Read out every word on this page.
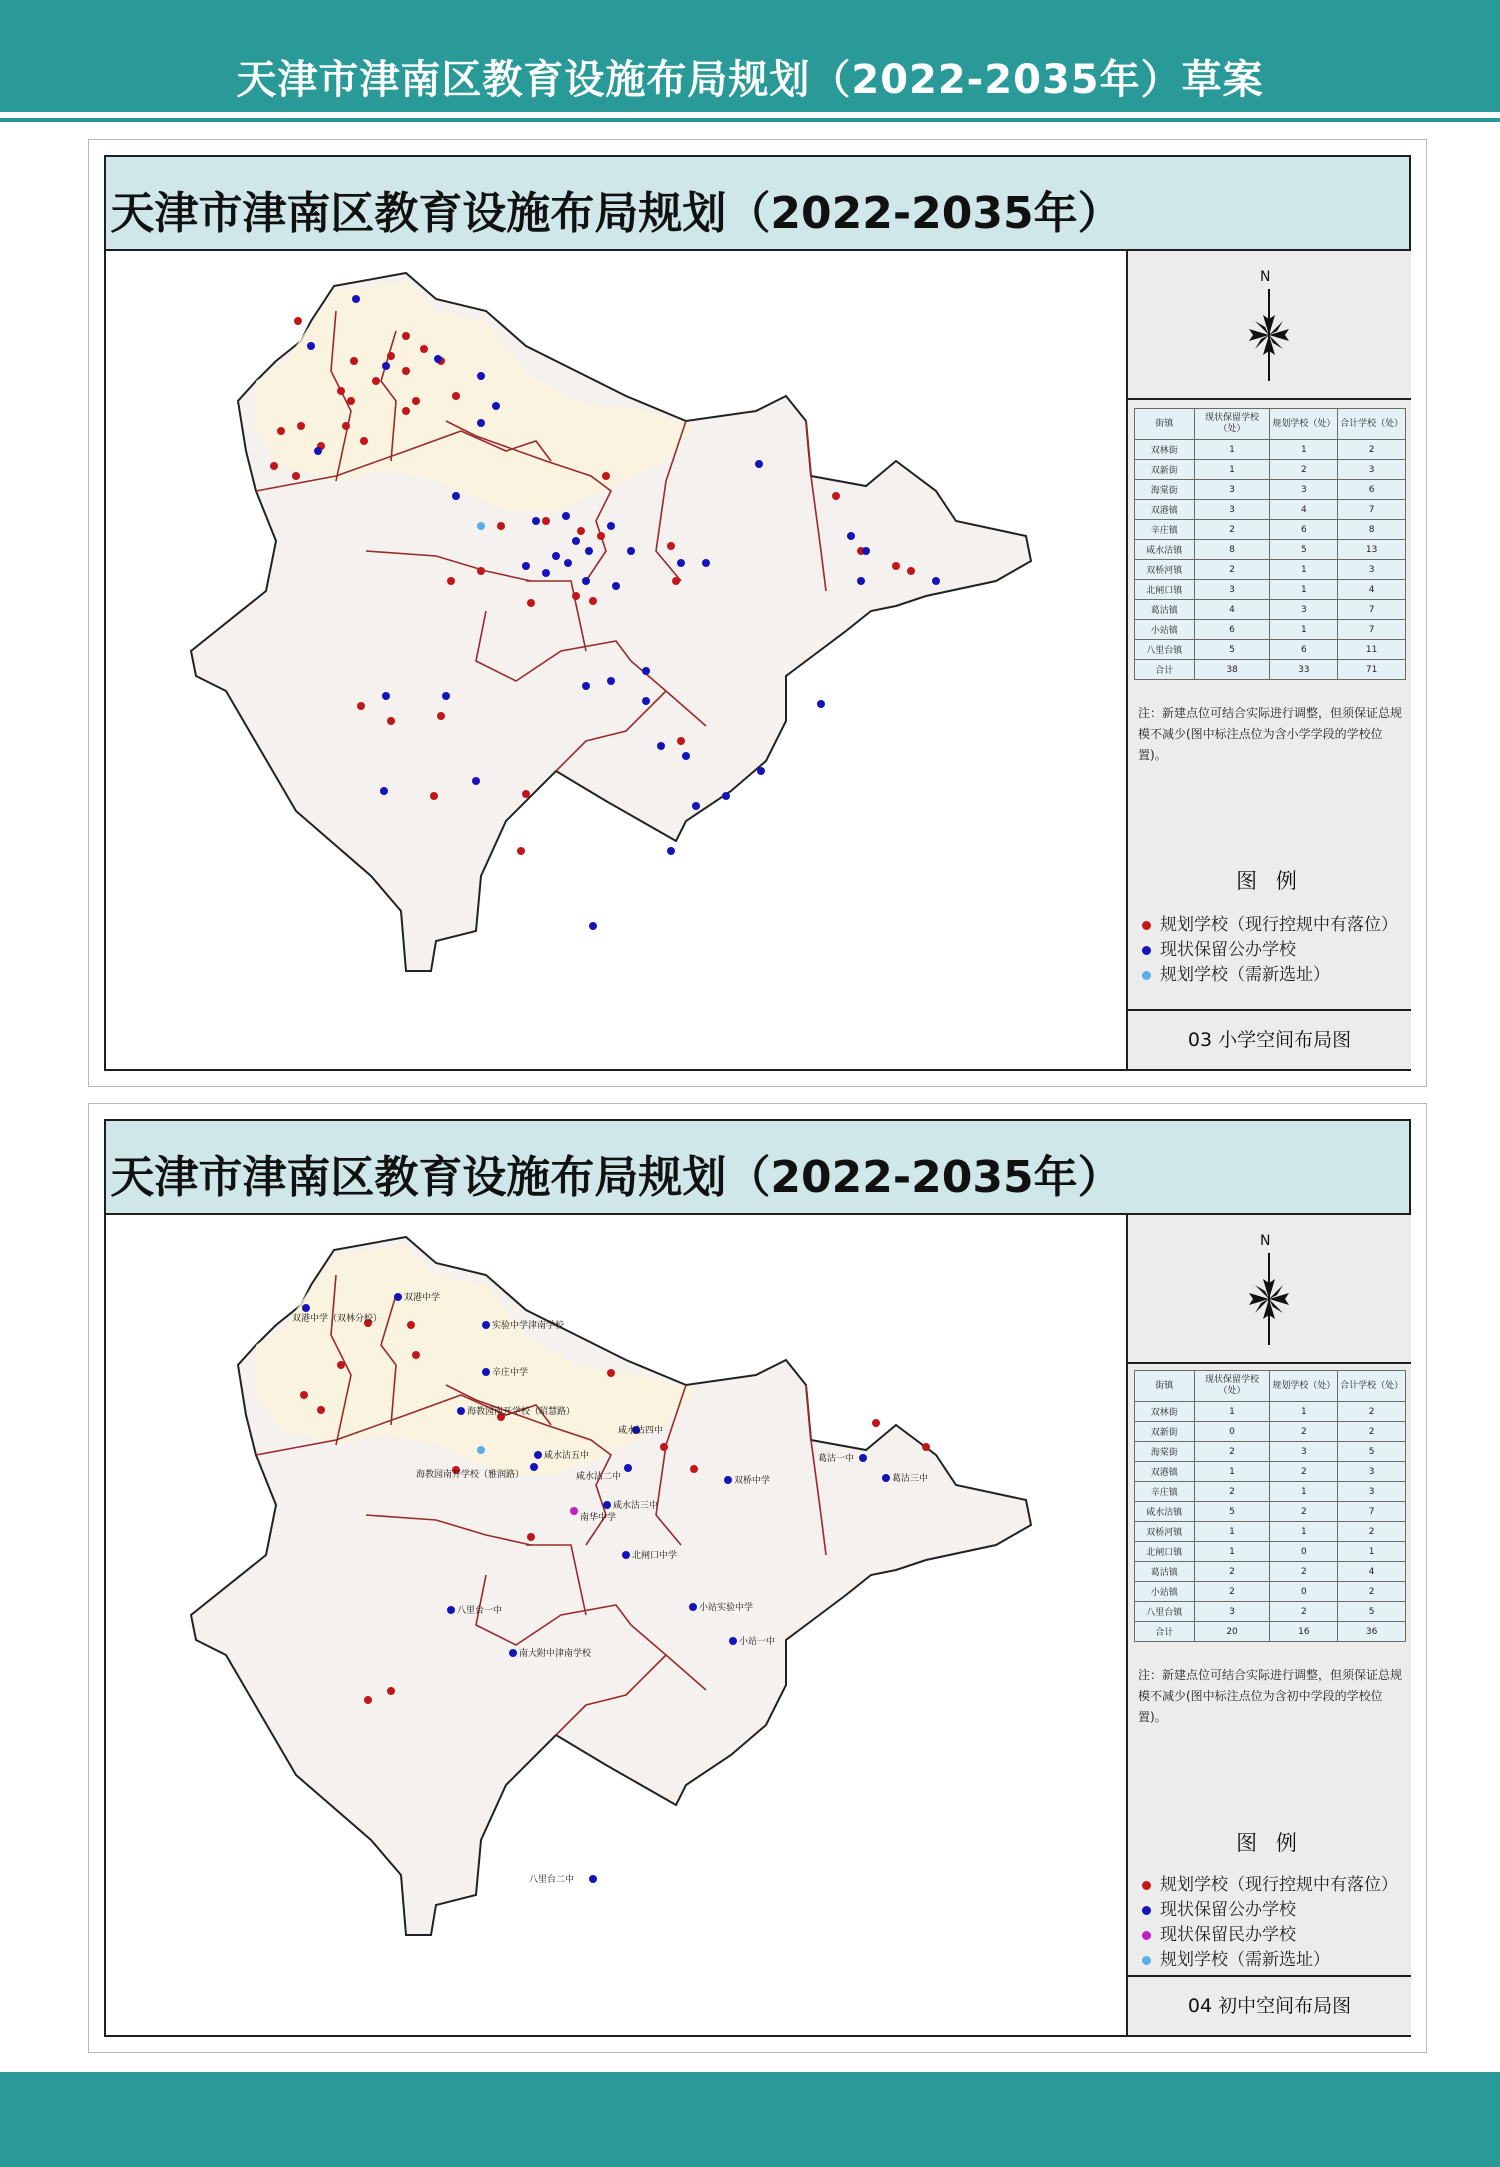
天津市津南区教育设施布局规划（2022-2035年）草案
天津市津南区教育设施布局规划（2022-2035年）
N
街镇	现状保留学校（处）	规划学校（处）	合计学校（处）
双林街	1	1	2
双新街	1	2	3
海棠街	3	3	6
双港镇	3	4	7
辛庄镇	2	6	8
咸水沽镇	8	5	13
双桥河镇	2	1	3
北闸口镇	3	1	4
葛沽镇	4	3	7
小站镇	6	1	7
八里台镇	5	6	11
合计	38	33	71
注：新建点位可结合实际进行调整，但须保证总规模不减少(图中标注点位为含小学学段的学校位置)。
图 例
规划学校（现行控规中有落位）
现状保留公办学校
规划学校（需新选址）
03 小学空间布局图
天津市津南区教育设施布局规划（2022-2035年）
双港中学
双港中学（双林分校）
实验中学津南学校
辛庄中学
海教园南开学校（昭慧路）
咸水沽四中
咸水沽五中
海教园南开学校（雅润路）	咸水沽二中	双桥中学
葛沽一中
葛沽三中
咸水沽三中
南华中学
北闸口中学
八里台一中	小站实验中学
小站一中
南大附中津南学校
八里台二中
N
街镇	现状保留学校（处）	规划学校（处）	合计学校（处）
双林街	1	1	2
双新街	0	2	2
海棠街	2	3	5
双港镇	1	2	3
辛庄镇	2	1	3
咸水沽镇	5	2	7
双桥河镇	1	1	2
北闸口镇	1	0	1
葛沽镇	2	2	4
小站镇	2	0	2
八里台镇	3	2	5
合计	20	16	36
注：新建点位可结合实际进行调整，但须保证总规模不减少(图中标注点位为含初中学段的学校位置)。
图 例
规划学校（现行控规中有落位）
现状保留公办学校
现状保留民办学校
规划学校（需新选址）
04 初中空间布局图
